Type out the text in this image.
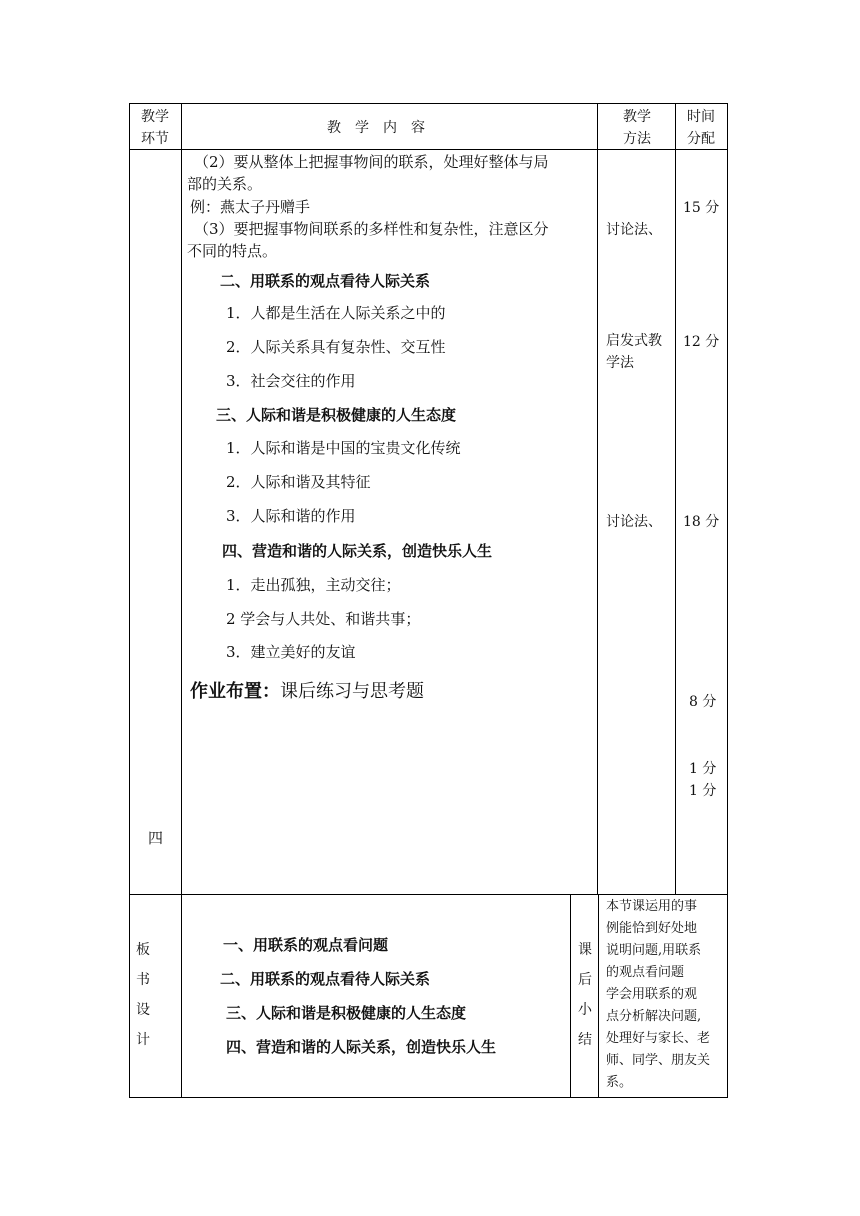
教学
环节
教　学　内　容
教学
方法
时间
分配
四
（2）要从整体上把握事物间的联系，处理好整体与局
部的关系。
例：燕太子丹赠手
（3）要把握事物间联系的多样性和复杂性，注意区分
不同的特点。
二、用联系的观点看待人际关系
1．人都是生活在人际关系之中的
2．人际关系具有复杂性、交互性
3．社会交往的作用
三、人际和谐是积极健康的人生态度
1．人际和谐是中国的宝贵文化传统
2．人际和谐及其特征
3．人际和谐的作用
四、营造和谐的人际关系，创造快乐人生
1．走出孤独，主动交往；
2 学会与人共处、和谐共事；
3．建立美好的友谊
作业布置：课后练习与思考题
讨论法、
启发式教学法
讨论法、
15 分
12 分
18 分
8 分
1 分
1 分
板
书
设
计
一、用联系的观点看问题
二、用联系的观点看待人际关系
三、人际和谐是积极健康的人生态度
四、营造和谐的人际关系，创造快乐人生
课
后
小
结
本节课运用的事
例能恰到好处地
说明问题,用联系
的观点看问题
学会用联系的观
点分析解决问题,
处理好与家长、老
师、同学、朋友关
系。
